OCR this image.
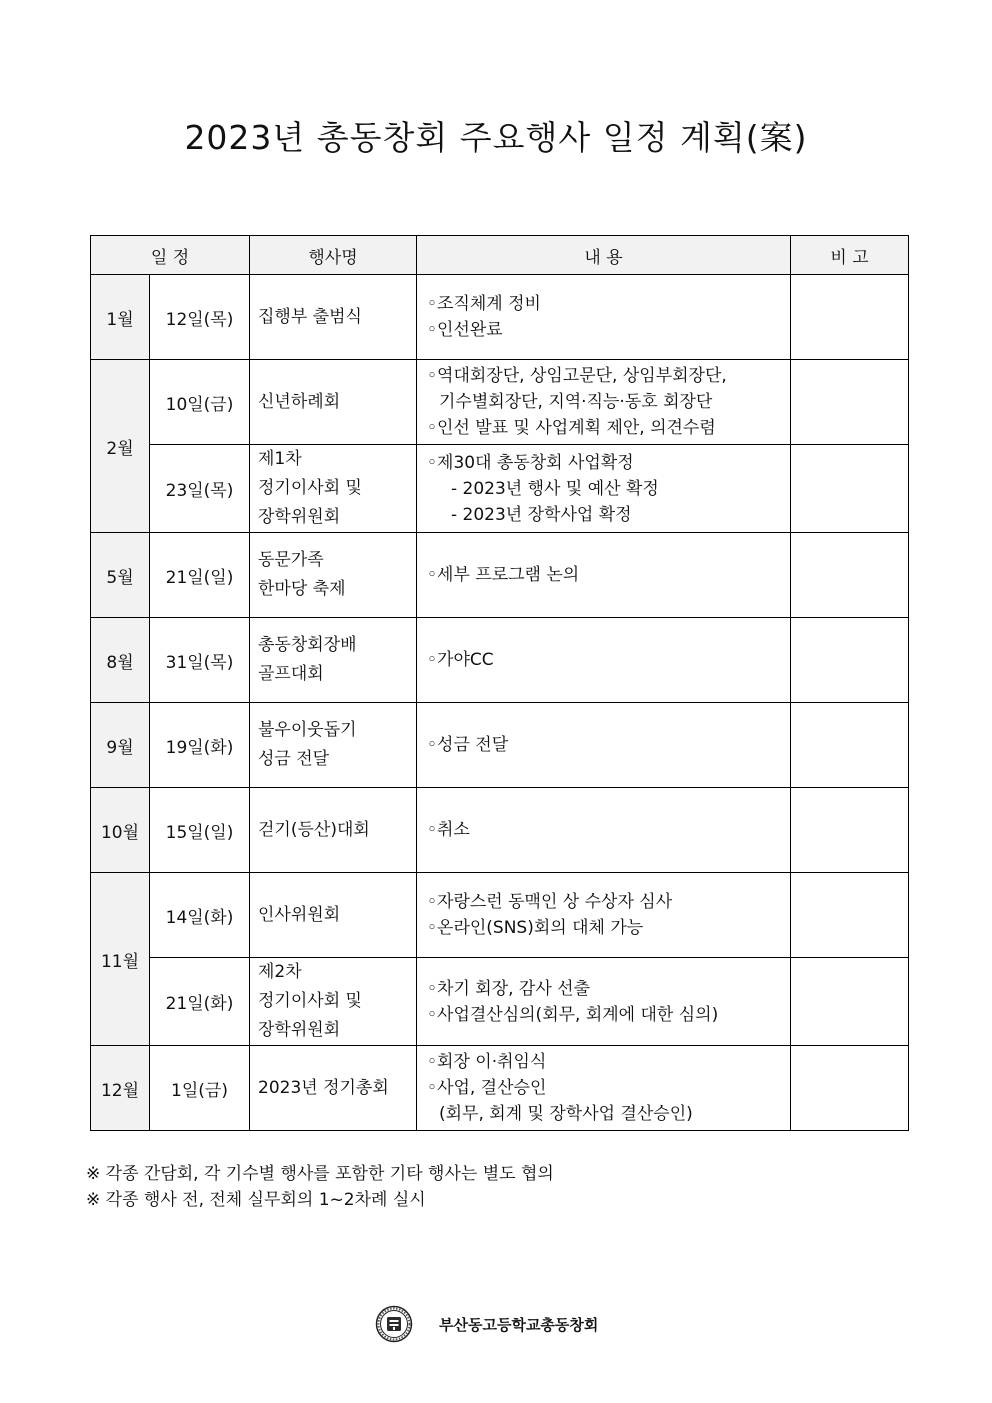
2023년 총동창회 주요행사 일정 계획(案)
일 정		행사명	내 용	비 고
1월	12일(목)	집행부 출범식	◦조직체계 정비
◦인선완료	

2월	10일(금)	신년하례회	◦역대회장단, 상임고문단, 상임부회장단,
기수별회장단, 지역·직능·동호 회장단
◦인선 발표 및 사업계획 제안, 의견수렴	

	23일(목)	제1차
정기이사회 및
장학위원회	◦제30대 총동창회 사업확정
- 2023년 행사 및 예산 확정
- 2023년 장학사업 확정	

5월	21일(일)	동문가족
한마당 축제	◦세부 프로그램 논의	

8월	31일(목)	총동창회장배
골프대회	◦가야CC	

9월	19일(화)	불우이웃돕기
성금 전달	◦성금 전달	

10월	15일(일)	걷기(등산)대회	◦취소	

11월	14일(화)	인사위원회	◦자랑스런 동맥인 상 수상자 심사
◦온라인(SNS)회의 대체 가능	

	21일(화)	제2차
정기이사회 및
장학위원회	◦차기 회장, 감사 선출
◦사업결산심의(회무, 회계에 대한 심의)	

12월	1일(금)	2023년 정기총회	◦회장 이·취임식
◦사업, 결산승인
(회무, 회계 및 장학사업 결산승인)	

※ 각종 간담회, 각 기수별 행사를 포함한 기타 행사는 별도 협의
※ 각종 행사 전, 전체 실무회의 1~2차례 실시
부산동고등학교총동창회
